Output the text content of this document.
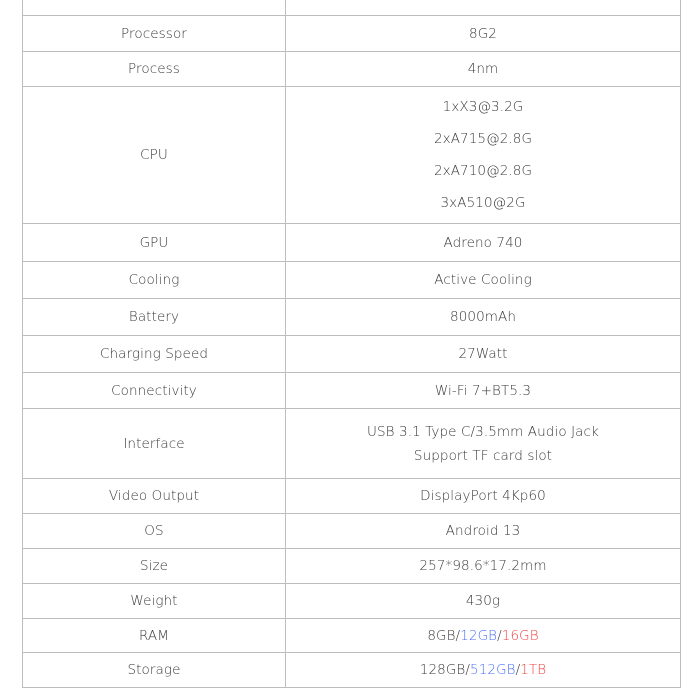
Processor	8G2
Process	4nm
CPU	1xX3@3.2G
2xA715@2.8G
2xA710@2.8G
3xA510@2G

GPU	Adreno 740
Cooling	Active Cooling
Battery	8000mAh
Charging Speed	27Watt
Connectivity	Wi-Fi 7+BT5.3
Interface	USB 3.1 Type C/3.5mm Audio Jack
Support TF card slot

Video Output	DisplayPort 4Kp60
OS	Android 13
Size	257*98.6*17.2mm
Weight	430g
RAM	8GB/12GB/16GB
Storage	128GB/512GB/1TB
